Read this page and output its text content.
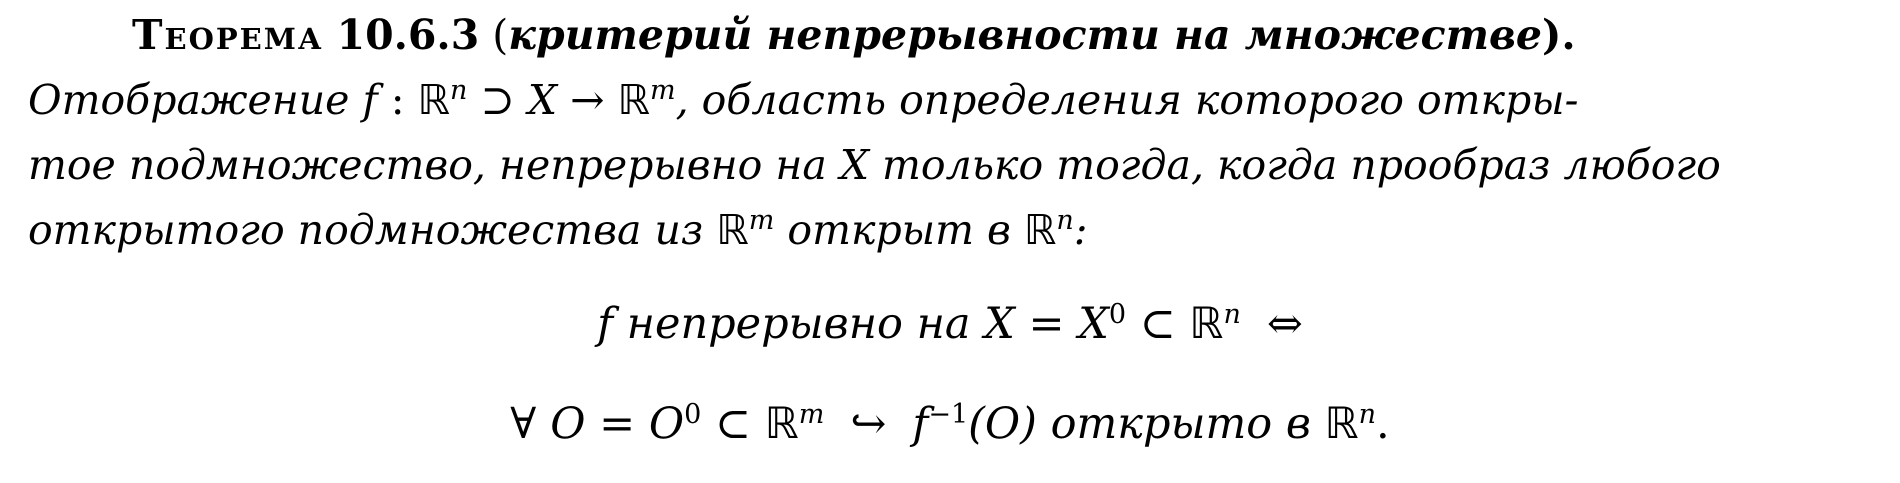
Теорема 10.6.3 (критерий непрерывности на множестве).
Отображение f : ℝ$^n$ ⊃ X → ℝ$^m$, область определения которого откры-
тое подмножество, непрерывно на X только тогда, когда прообраз любого
открытого подмножества из ℝ$^m$ открыт в ℝ$^n$:
f непрерывно на $X = X^0$ ⊂ ℝ$^n$ ⇔
∀ $O = O^0$ ⊂ ℝ$^m$ ↪ $f^{-1}(O)$ открыто в ℝ$^n$.
